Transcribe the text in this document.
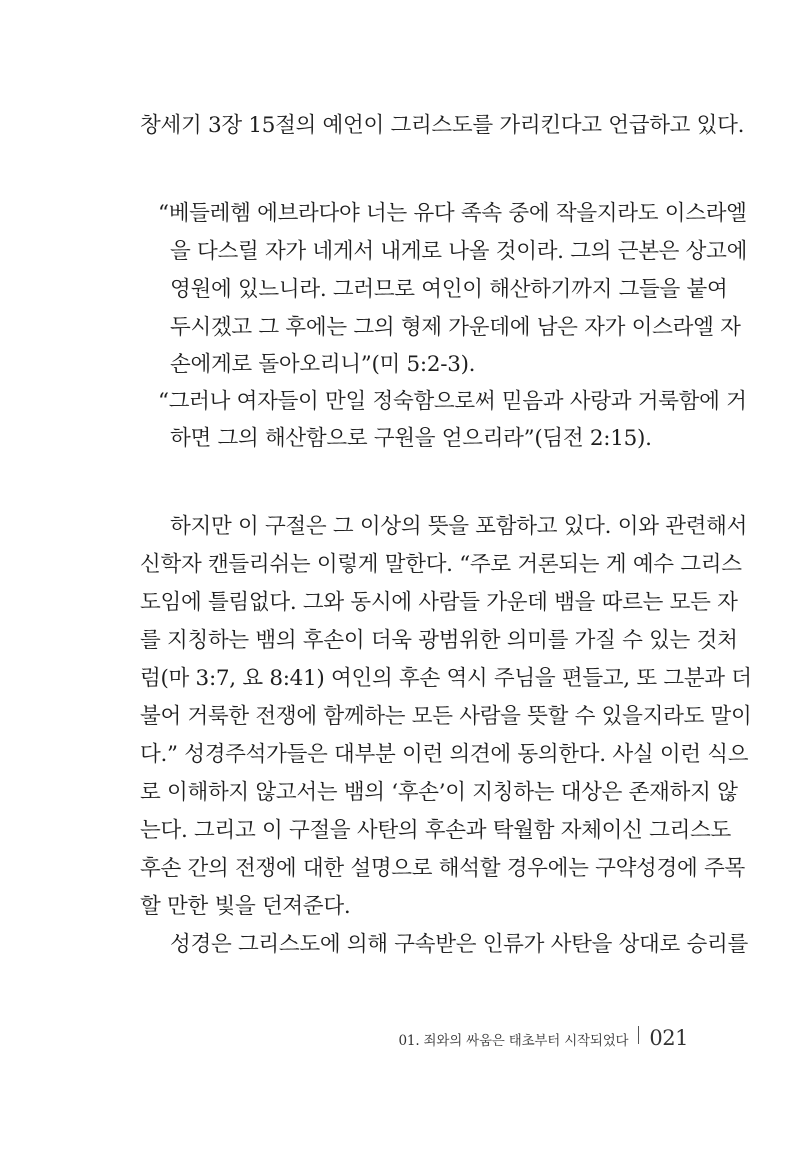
창세기 3장 15절의 예언이 그리스도를 가리킨다고 언급하고 있다.
“베들레헴 에브라다야 너는 유다 족속 중에 작을지라도 이스라엘
을 다스릴 자가 네게서 내게로 나올 것이라. 그의 근본은 상고에
영원에 있느니라. 그러므로 여인이 해산하기까지 그들을 붙여
두시겠고 그 후에는 그의 형제 가운데에 남은 자가 이스라엘 자
손에게로 돌아오리니”(미 5:2-3).
“그러나 여자들이 만일 정숙함으로써 믿음과 사랑과 거룩함에 거
하면 그의 해산함으로 구원을 얻으리라”(딤전 2:15).
하지만 이 구절은 그 이상의 뜻을 포함하고 있다. 이와 관련해서
신학자 캔들리쉬는 이렇게 말한다. “주로 거론되는 게 예수 그리스
도임에 틀림없다. 그와 동시에 사람들 가운데 뱀을 따르는 모든 자
를 지칭하는 뱀의 후손이 더욱 광범위한 의미를 가질 수 있는 것처
럼(마 3:7, 요 8:41) 여인의 후손 역시 주님을 편들고, 또 그분과 더
불어 거룩한 전쟁에 함께하는 모든 사람을 뜻할 수 있을지라도 말이
다.” 성경주석가들은 대부분 이런 의견에 동의한다. 사실 이런 식으
로 이해하지 않고서는 뱀의 ‘후손’이 지칭하는 대상은 존재하지 않
는다. 그리고 이 구절을 사탄의 후손과 탁월함 자체이신 그리스도
후손 간의 전쟁에 대한 설명으로 해석할 경우에는 구약성경에 주목
할 만한 빛을 던져준다.
성경은 그리스도에 의해 구속받은 인류가 사탄을 상대로 승리를
01. 죄와의 싸움은 태초부터 시작되었다 021
